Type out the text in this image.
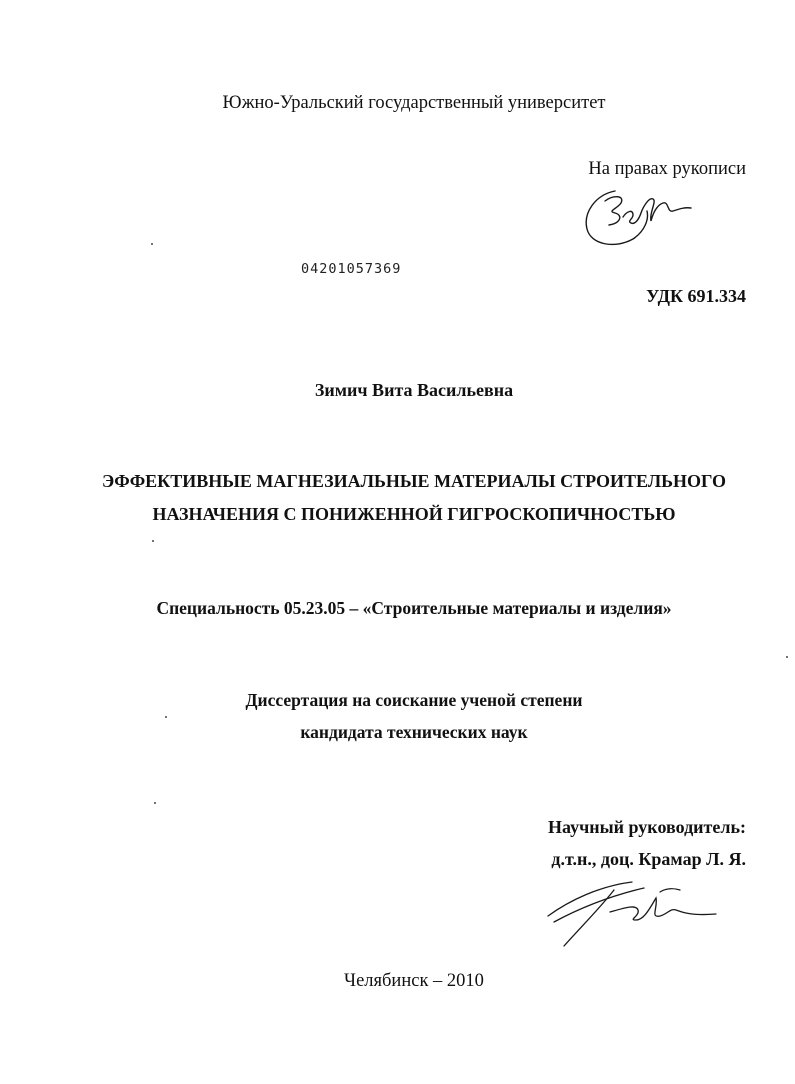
Южно-Уральский государственный университет
На правах рукописи
04201057369
УДК 691.334
Зимич Вита Васильевна
ЭФФЕКТИВНЫЕ МАГНЕЗИАЛЬНЫЕ МАТЕРИАЛЫ СТРОИТЕЛЬНОГО
НАЗНАЧЕНИЯ С ПОНИЖЕННОЙ ГИГРОСКОПИЧНОСТЬЮ
Специальность 05.23.05 – «Строительные материалы и изделия»
Диссертация на соискание ученой степени
кандидата технических наук
Научный руководитель:
д.т.н., доц. Крамар Л. Я.
Челябинск – 2010
